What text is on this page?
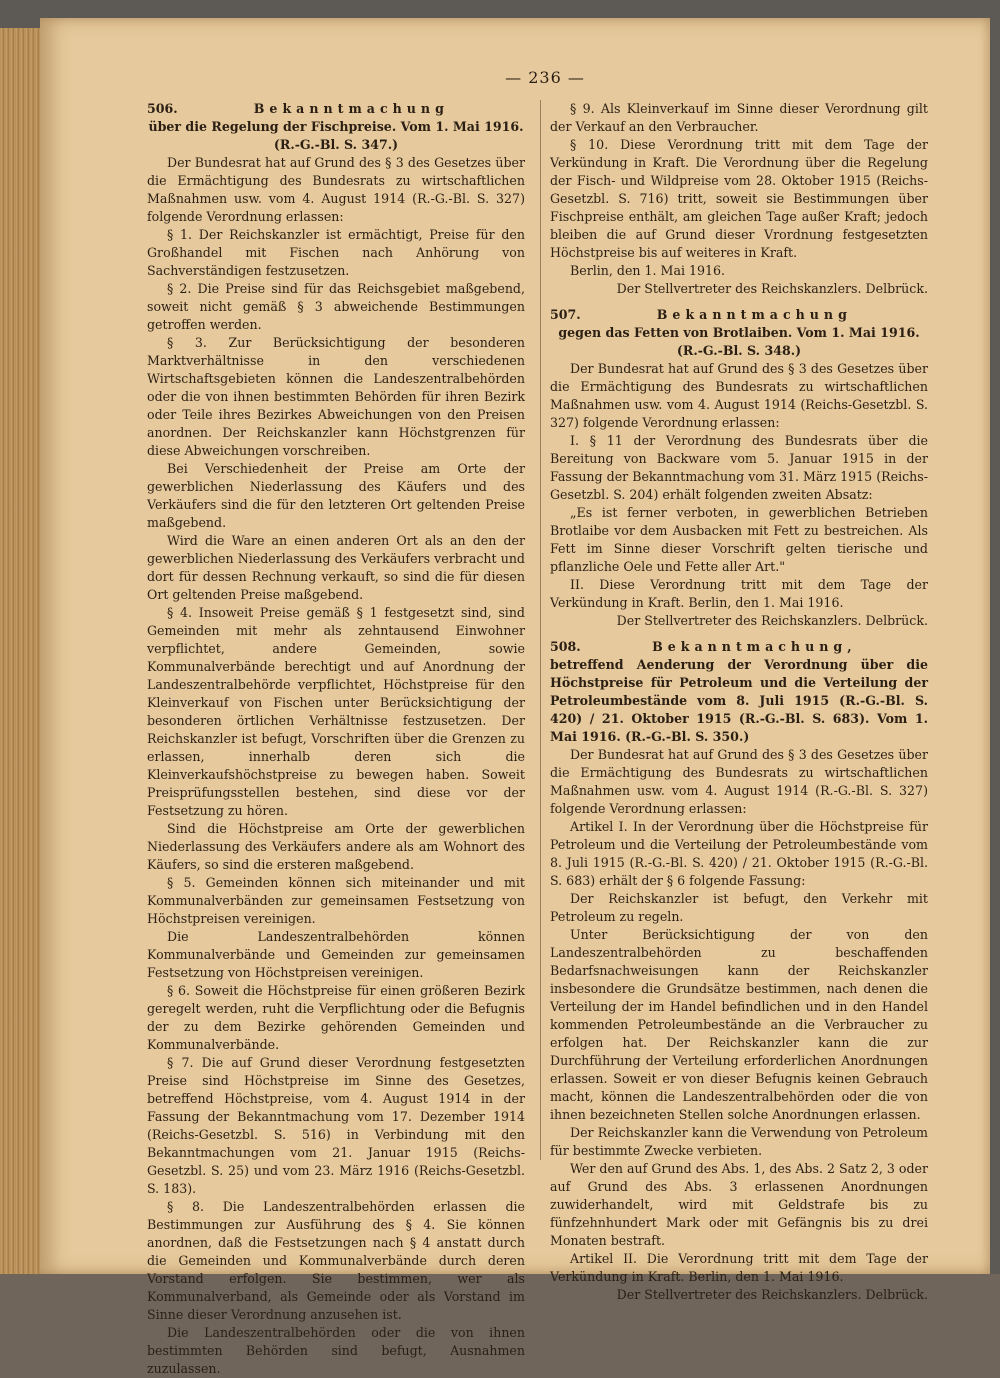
— 236 —
506.	Bekanntmachung

über die Regelung der Fischpreise. Vom 1. Mai 1916.

(R.-G.-Bl. S. 347.)

Der Bundesrat hat auf Grund des § 3 des Gesetzes über die Ermächtigung des Bundesrats zu wirtschaftlichen Maßnahmen usw. vom 4. August 1914 (R.-G.-Bl. S. 327) folgende Verordnung erlassen:

§ 1. Der Reichskanzler ist ermächtigt, Preise für den Großhandel mit Fischen nach Anhörung von Sachverständigen festzusetzen.

§ 2. Die Preise sind für das Reichsgebiet maßgebend, soweit nicht gemäß § 3 abweichende Bestimmungen getroffen werden.

§ 3. Zur Berücksichtigung der besonderen Marktverhältnisse in den verschiedenen Wirtschaftsgebieten können die Landeszentralbehörden oder die von ihnen bestimmten Behörden für ihren Bezirk oder Teile ihres Bezirkes Abweichungen von den Preisen anordnen. Der Reichskanzler kann Höchstgrenzen für diese Abweichungen vorschreiben.

Bei Verschiedenheit der Preise am Orte der gewerblichen Niederlassung des Käufers und des Verkäufers sind die für den letzteren Ort geltenden Preise maßgebend.

Wird die Ware an einen anderen Ort als an den der gewerblichen Niederlassung des Verkäufers verbracht und dort für dessen Rechnung verkauft, so sind die für diesen Ort geltenden Preise maßgebend.

§ 4. Insoweit Preise gemäß § 1 festgesetzt sind, sind Gemeinden mit mehr als zehntausend Einwohner verpflichtet, andere Gemeinden, sowie Kommunalverbände berechtigt und auf Anordnung der Landeszentralbehörde verpflichtet, Höchstpreise für den Kleinverkauf von Fischen unter Berücksichtigung der besonderen örtlichen Verhältnisse festzusetzen. Der Reichskanzler ist befugt, Vorschriften über die Grenzen zu erlassen, innerhalb deren sich die Kleinverkaufshöchstpreise zu bewegen haben. Soweit Preisprüfungsstellen bestehen, sind diese vor der Festsetzung zu hören.

Sind die Höchstpreise am Orte der gewerblichen Niederlassung des Verkäufers andere als am Wohnort des Käufers, so sind die ersteren maßgebend.

§ 5. Gemeinden können sich miteinander und mit Kommunalverbänden zur gemeinsamen Festsetzung von Höchstpreisen vereinigen.

Die Landeszentralbehörden können Kommunalverbände und Gemeinden zur gemeinsamen Festsetzung von Höchstpreisen vereinigen.

§ 6. Soweit die Höchstpreise für einen größeren Bezirk geregelt werden, ruht die Verpflichtung oder die Befugnis der zu dem Bezirke gehörenden Gemeinden und Kommunalverbände.

§ 7. Die auf Grund dieser Verordnung festgesetzten Preise sind Höchstpreise im Sinne des Gesetzes, betreffend Höchstpreise, vom 4. August 1914 in der Fassung der Bekanntmachung vom 17. Dezember 1914 (Reichs-Gesetzbl. S. 516) in Verbindung mit den Bekanntmachungen vom 21. Januar 1915 (Reichs-Gesetzbl. S. 25) und vom 23. März 1916 (Reichs-Gesetzbl. S. 183).

§ 8. Die Landeszentralbehörden erlassen die Bestimmungen zur Ausführung des § 4. Sie können anordnen, daß die Festsetzungen nach § 4 anstatt durch die Gemeinden und Kommunalverbände durch deren Vorstand erfolgen. Sie bestimmen, wer als Kommunalverband, als Gemeinde oder als Vorstand im Sinne dieser Verordnung anzusehen ist.

Die Landeszentralbehörden oder die von ihnen bestimmten Behörden sind befugt, Ausnahmen zuzulassen.

§ 9. Als Kleinverkauf im Sinne dieser Verordnung gilt der Verkauf an den Verbraucher.

§ 10. Diese Verordnung tritt mit dem Tage der Verkündung in Kraft. Die Verordnung über die Regelung der Fisch- und Wildpreise vom 28. Oktober 1915 (Reichs-Gesetzbl. S. 716) tritt, soweit sie Bestimmungen über Fischpreise enthält, am gleichen Tage außer Kraft; jedoch bleiben die auf Grund dieser Vrordnung festgesetzten Höchstpreise bis auf weiteres in Kraft.

Berlin, den 1. Mai 1916.

Der Stellvertreter des Reichskanzlers. Delbrück.

507.	Bekanntmachung

gegen das Fetten von Brotlaiben. Vom 1. Mai 1916.

(R.-G.-Bl. S. 348.)

Der Bundesrat hat auf Grund des § 3 des Gesetzes über die Ermächtigung des Bundesrats zu wirtschaftlichen Maßnahmen usw. vom 4. August 1914 (Reichs-Gesetzbl. S. 327) folgende Verordnung erlassen:

I. § 11 der Verordnung des Bundesrats über die Bereitung von Backware vom 5. Januar 1915 in der Fassung der Bekanntmachung vom 31. März 1915 (Reichs-Gesetzbl. S. 204) erhält folgenden zweiten Absatz:

„Es ist ferner verboten, in gewerblichen Betrieben Brotlaibe vor dem Ausbacken mit Fett zu bestreichen. Als Fett im Sinne dieser Vorschrift gelten tierische und pflanzliche Oele und Fette aller Art."

II. Diese Verordnung tritt mit dem Tage der Verkündung in Kraft. Berlin, den 1. Mai 1916.

Der Stellvertreter des Reichskanzlers. Delbrück.

508.	Bekanntmachung,

betreffend Aenderung der Verordnung über die Höchstpreise für Petroleum und die Verteilung der Petroleumbestände vom 8. Juli 1915 (R.-G.-Bl. S. 420) / 21. Oktober 1915 (R.-G.-Bl. S. 683). Vom 1. Mai 1916. (R.-G.-Bl. S. 350.)

Der Bundesrat hat auf Grund des § 3 des Gesetzes über die Ermächtigung des Bundesrats zu wirtschaftlichen Maßnahmen usw. vom 4. August 1914 (R.-G.-Bl. S. 327) folgende Verordnung erlassen:

Artikel I. In der Verordnung über die Höchstpreise für Petroleum und die Verteilung der Petroleumbestände vom 8. Juli 1915 (R.-G.-Bl. S. 420) / 21. Oktober 1915 (R.-G.-Bl. S. 683) erhält der § 6 folgende Fassung:

Der Reichskanzler ist befugt, den Verkehr mit Petroleum zu regeln.

Unter Berücksichtigung der von den Landeszentralbehörden zu beschaffenden Bedarfsnachweisungen kann der Reichskanzler insbesondere die Grundsätze bestimmen, nach denen die Verteilung der im Handel befindlichen und in den Handel kommenden Petroleumbestände an die Verbraucher zu erfolgen hat. Der Reichskanzler kann die zur Durchführung der Verteilung erforderlichen Anordnungen erlassen. Soweit er von dieser Befugnis keinen Gebrauch macht, können die Landeszentralbehörden oder die von ihnen bezeichneten Stellen solche Anordnungen erlassen.

Der Reichskanzler kann die Verwendung von Petroleum für bestimmte Zwecke verbieten.

Wer den auf Grund des Abs. 1, des Abs. 2 Satz 2, 3 oder auf Grund des Abs. 3 erlassenen Anordnungen zuwiderhandelt, wird mit Geldstrafe bis zu fünfzehnhundert Mark oder mit Gefängnis bis zu drei Monaten bestraft.

Artikel II. Die Verordnung tritt mit dem Tage der Verkündung in Kraft. Berlin, den 1. Mai 1916.

Der Stellvertreter des Reichskanzlers. Delbrück.
